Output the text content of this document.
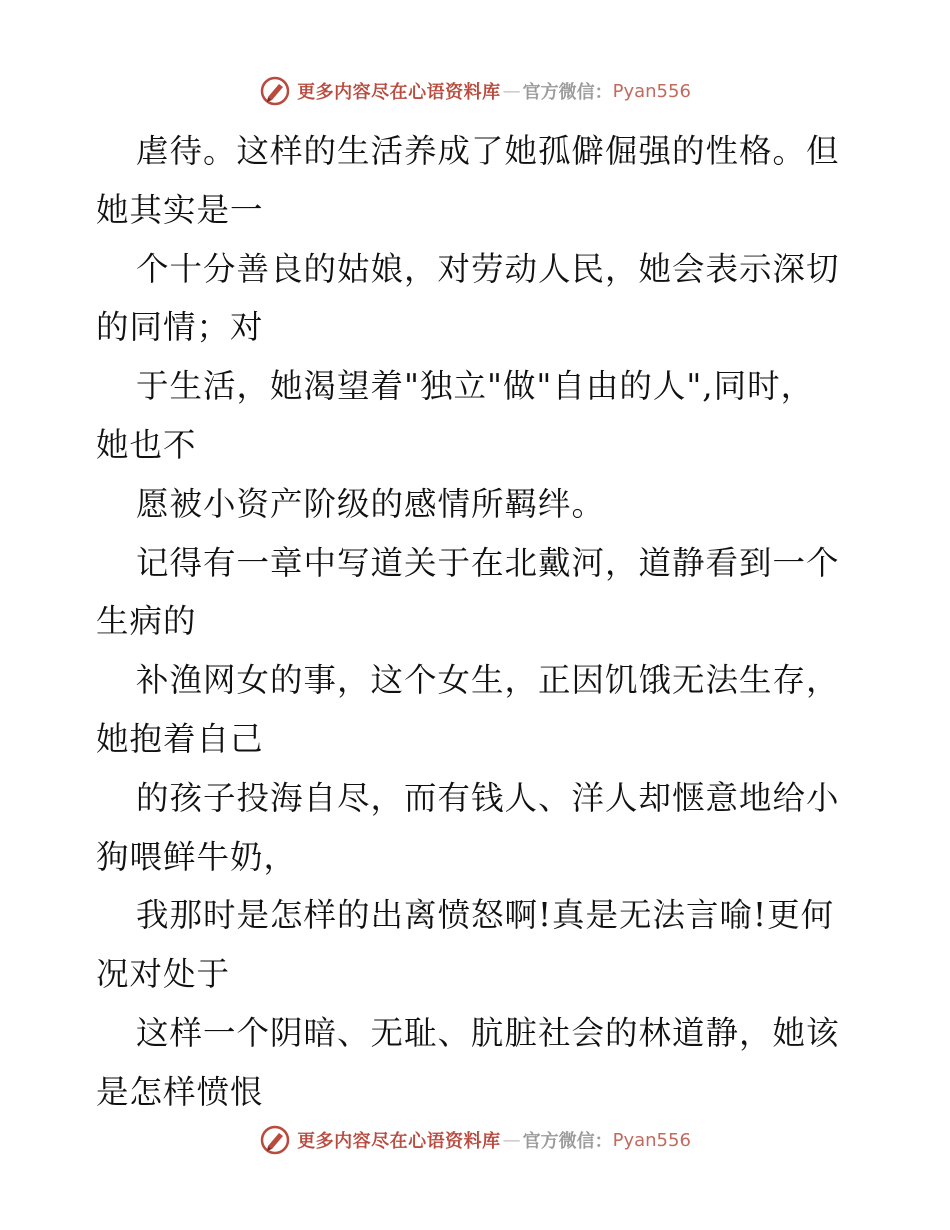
更多内容尽在心语资料库 — 官方微信： Pyan556
虐待。这样的生活养成了她孤僻倔强的性格。但
她其实是一
个十分善良的姑娘，对劳动人民，她会表示深切
的同情；对
于生活，她渴望着"独立"做"自由的人",同时，
她也不
愿被小资产阶级的感情所羁绊。
记得有一章中写道关于在北戴河，道静看到一个
生病的
补渔网女的事，这个女生，正因饥饿无法生存，
她抱着自己
的孩子投海自尽，而有钱人、洋人却惬意地给小
狗喂鲜牛奶，
我那时是怎样的出离愤怒啊!真是无法言喻!更何
况对处于
这样一个阴暗、无耻、肮脏社会的林道静，她该
是怎样愤恨
更多内容尽在心语资料库 — 官方微信： Pyan556
